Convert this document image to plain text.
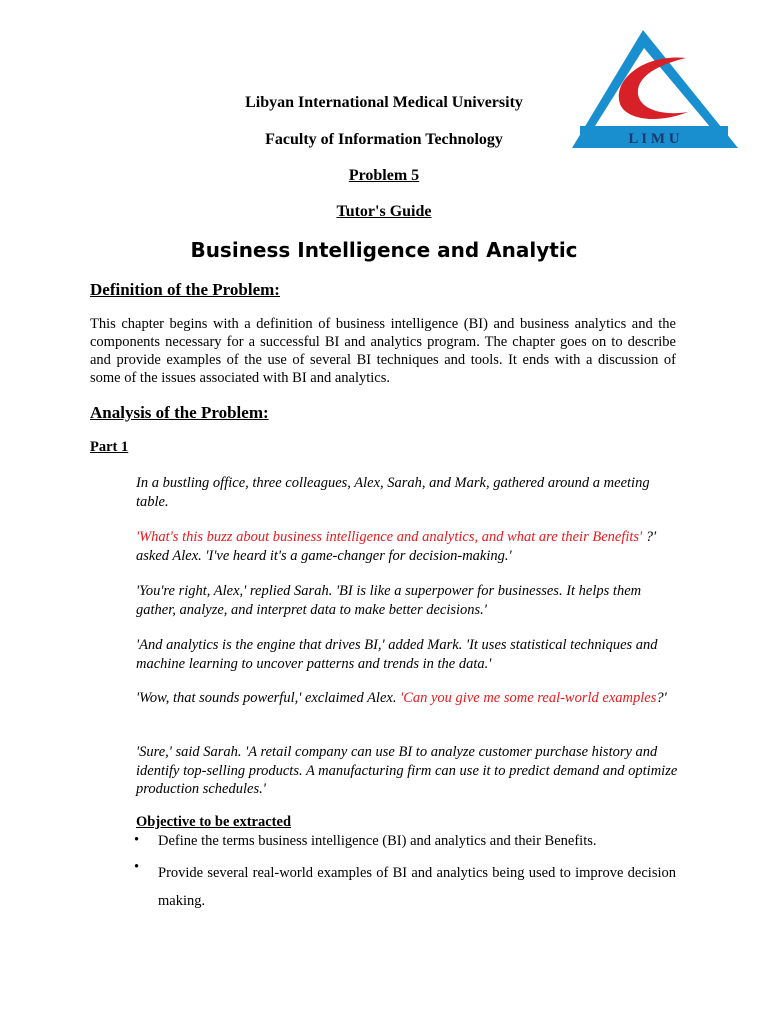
L I M U
Libyan International Medical University
Faculty of Information Technology
Problem 5
Tutor's Guide
Business Intelligence and Analytic
Definition of the Problem:
This chapter begins with a definition of business intelligence (BI) and business analytics and the components necessary for a successful BI and analytics program. The chapter goes on to describe and provide examples of the use of several BI techniques and tools. It ends with a discussion of some of the issues associated with BI and analytics.
Analysis of the Problem:
Part 1
In a bustling office, three colleagues, Alex, Sarah, and Mark, gathered around a meeting table.
'What's this buzz about business intelligence and analytics, and what are their Benefits' ?' asked Alex. 'I've heard it's a game-changer for decision-making.'
'You're right, Alex,' replied Sarah. 'BI is like a superpower for businesses. It helps them gather, analyze, and interpret data to make better decisions.'
'And analytics is the engine that drives BI,' added Mark. 'It uses statistical techniques and machine learning to uncover patterns and trends in the data.'
'Wow, that sounds powerful,' exclaimed Alex. 'Can you give me some real-world examples?'
'Sure,' said Sarah. 'A retail company can use BI to analyze customer purchase history and identify top-selling products. A manufacturing firm can use it to predict demand and optimize production schedules.'
Objective to be extracted
• Define the terms business intelligence (BI) and analytics and their Benefits.
• Provide several real-world examples of BI and analytics being used to improve decision making.
